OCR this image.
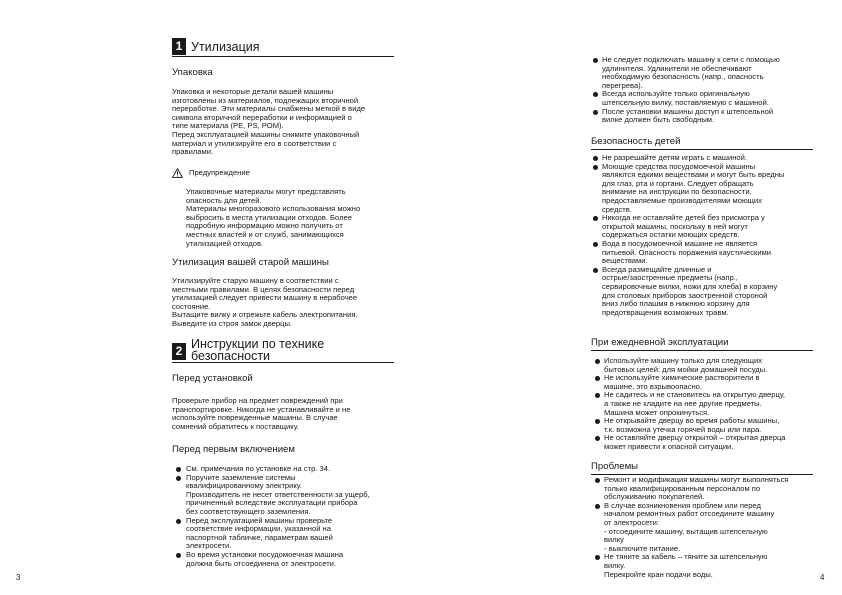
1 Утилизация
Упаковка
Упаковка и некоторые детали вашей машины
изготовлены из материалов, подлежащих вторичной
переработке. Эти материалы снабжены меткой в виде
символа вторичной переработки и информацией о
типе материала (PE, PS, POM).
Перед эксплуатацией машины снимите упаковочный
материал и утилизируйте его в соответствии с
правилами.
Предупреждение
Упаковочные материалы могут представлять
опасность для детей.
Материалы многоразового использования можно
выбросить в места утилизации отходов. Более
подробную информацию можно получить от
местных властей и от служб, занимающихся
утилизацией отходов.
Утилизация вашей старой машины
Утилизируйте старую машину в соответствии с
местными правилами. В целях безопасности перед
утилизацией следует привести машину в нерабочее
состояние.
Вытащите вилку и отрежьте кабель электропитания.
Выведите из строя замок дверцы.
2
Инструкции по технике
безопасности
Перед установкой
Проверьте прибор на предмет повреждений при
транспортировке. Никогда не устанавливайте и не
используйте поврежденные машины. В случае
сомнений обратитесь к поставщику.
Перед первым включением
См. примечания по установке на стр. 34.
Поручите заземление системы
квалифицированному электрику.
Производитель не несет ответственности за ущерб,
причиненный вследствие эксплуатации прибора
без соответствующего заземления.
Перед эксплуатацией машины проверьте
соответствие информации, указанной на
паспортной табличке, параметрам вашей
электросети.
Во время установки посудомоечная машина
должна быть отсоединена от электросети.
3
Не следует подключать машину к сети с помощью
удлинителя. Удлинители не обеспечивают
необходимую безопасность (напр., опасность
перегрева).
Всегда используйте только оригинальную
штепсельную вилку, поставляемую с машиной.
После установки машины доступ к штепсельной
вилке должен быть свободным.
Безопасность детей
Не разрешайте детям играть с машиной.
Моющие средства посудомоечной машины
являются едкими веществами и могут быть вредны
для глаз, рта и гортани. Следует обращать
внимание на инструкции по безопасности,
предоставляемые производителями моющих
средств.
Никогда не оставляйте детей без присмотра у
открытой машины, поскольку в ней могут
содержаться остатки моющих средств.
Вода в посудомоечной машине не является
питьевой. Опасность поражения каустическими
веществами.
Всегда размещайте длинные и
острые/заостренные предметы (напр.,
сервировочные вилки, ножи для хлеба) в корзину
для столовых приборов заостренной стороной
вниз либо плашмя в нижнюю корзину для
предотвращения возможных травм.
При ежедневной эксплуатации
Используйте машину только для следующих
бытовых целей: для мойки домашней посуды.
Не используйте химические растворители в
машине, это взрывоопасно.
Не садитесь и не становитесь на открытую дверцу,
а также не кладите на нее другие предметы.
Машина может опрокинуться.
Не открывайте дверцу во время работы машины,
т.к. возможна утечка горячей воды или пара.
Не оставляйте дверцу открытой – открытая дверца
может привести к опасной ситуации.
Проблемы
Ремонт и модификация машины могут выполняться
только квалифицированным персоналом по
обслуживанию покупателей.
В случае возникновения проблем или перед
началом ремонтных работ отсоедините машину
от электросети:
- отсоедините машину, вытащив штепсельную
вилку
- выключите питание.
Не тяните за кабель – тяните за штепсельную
вилку.
Перекройте кран подачи воды.	4
